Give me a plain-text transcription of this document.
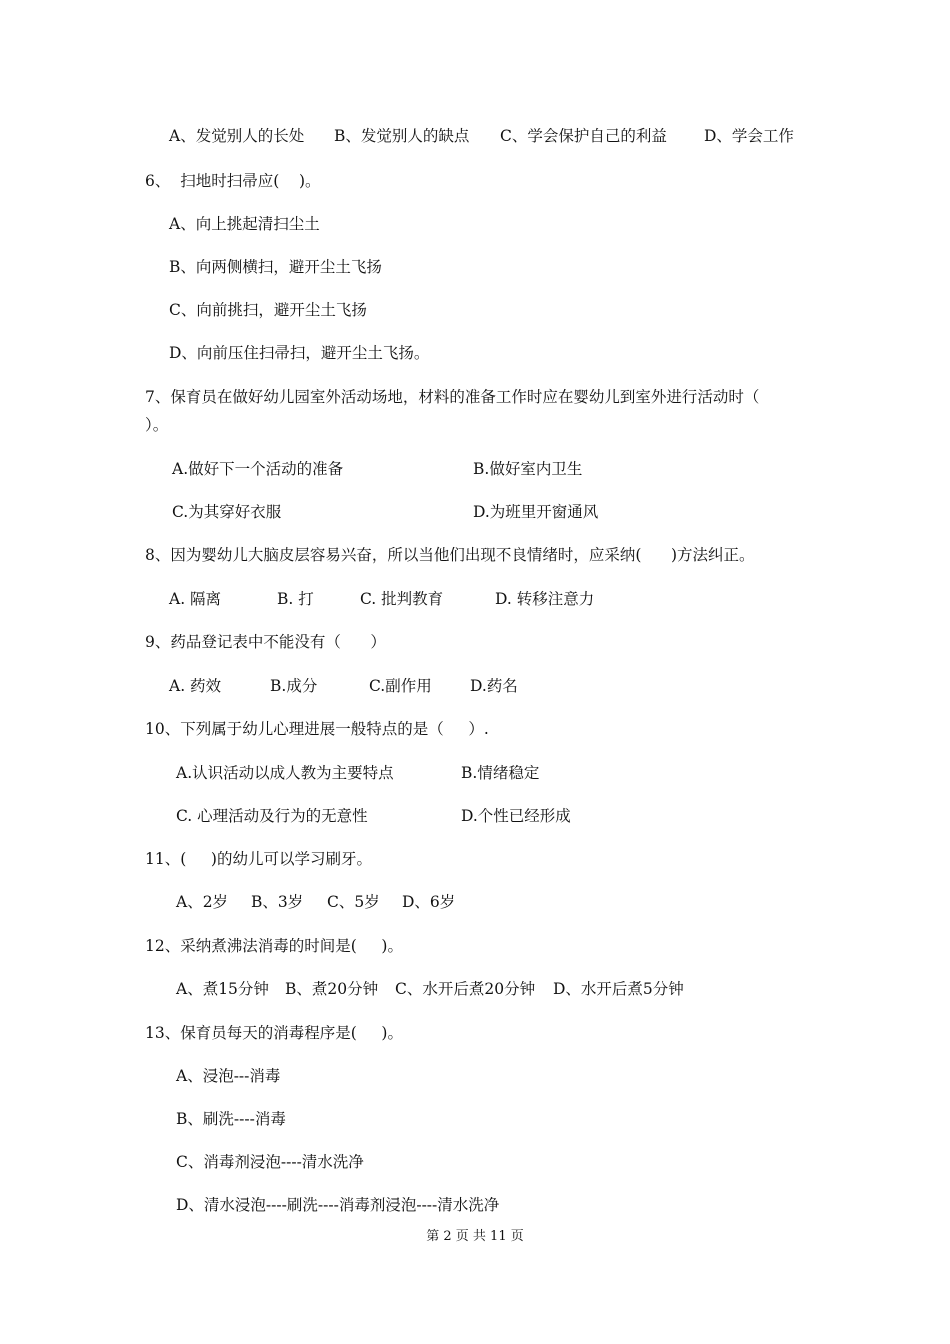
A、发觉别人的长处 B、发觉别人的缺点 C、学会保护自己的利益 D、学会工作
6、  扫地时扫帚应(    )。
A、向上挑起清扫尘土
B、向两侧横扫，避开尘土飞扬
C、向前挑扫，避开尘土飞扬
D、向前压住扫帚扫，避开尘土飞扬。
7、保育员在做好幼儿园室外活动场地，材料的准备工作时应在婴幼儿到室外进行活动时（
）。
A.做好下一个活动的准备	B.做好室内卫生
C.为其穿好衣服	D.为班里开窗通风
8、因为婴幼儿大脑皮层容易兴奋，所以当他们出现不良情绪时，应采纳(      )方法纠正。
A. 隔离	B. 打	C. 批判教育	D. 转移注意力
9、药品登记表中不能没有（      ）
A. 药效	B.成分	C.副作用 D.药名
10、下列属于幼儿心理进展一般特点的是（     ）.
A.认识活动以成人教为主要特点	B.情绪稳定
C. 心理活动及行为的无意性	D.个性已经形成
11、(     )的幼儿可以学习刷牙。
A、2岁 B、3岁 C、5岁 D、6岁
12、采纳煮沸法消毒的时间是(     )。
A、煮15分钟 B、煮20分钟 C、水开后煮20分钟 D、水开后煮5分钟
13、保育员每天的消毒程序是(     )。
A、浸泡---消毒
B、刷洗----消毒
C、消毒剂浸泡----清水洗净
D、清水浸泡----刷洗----消毒剂浸泡----清水洗净
第 2 页 共 11 页
